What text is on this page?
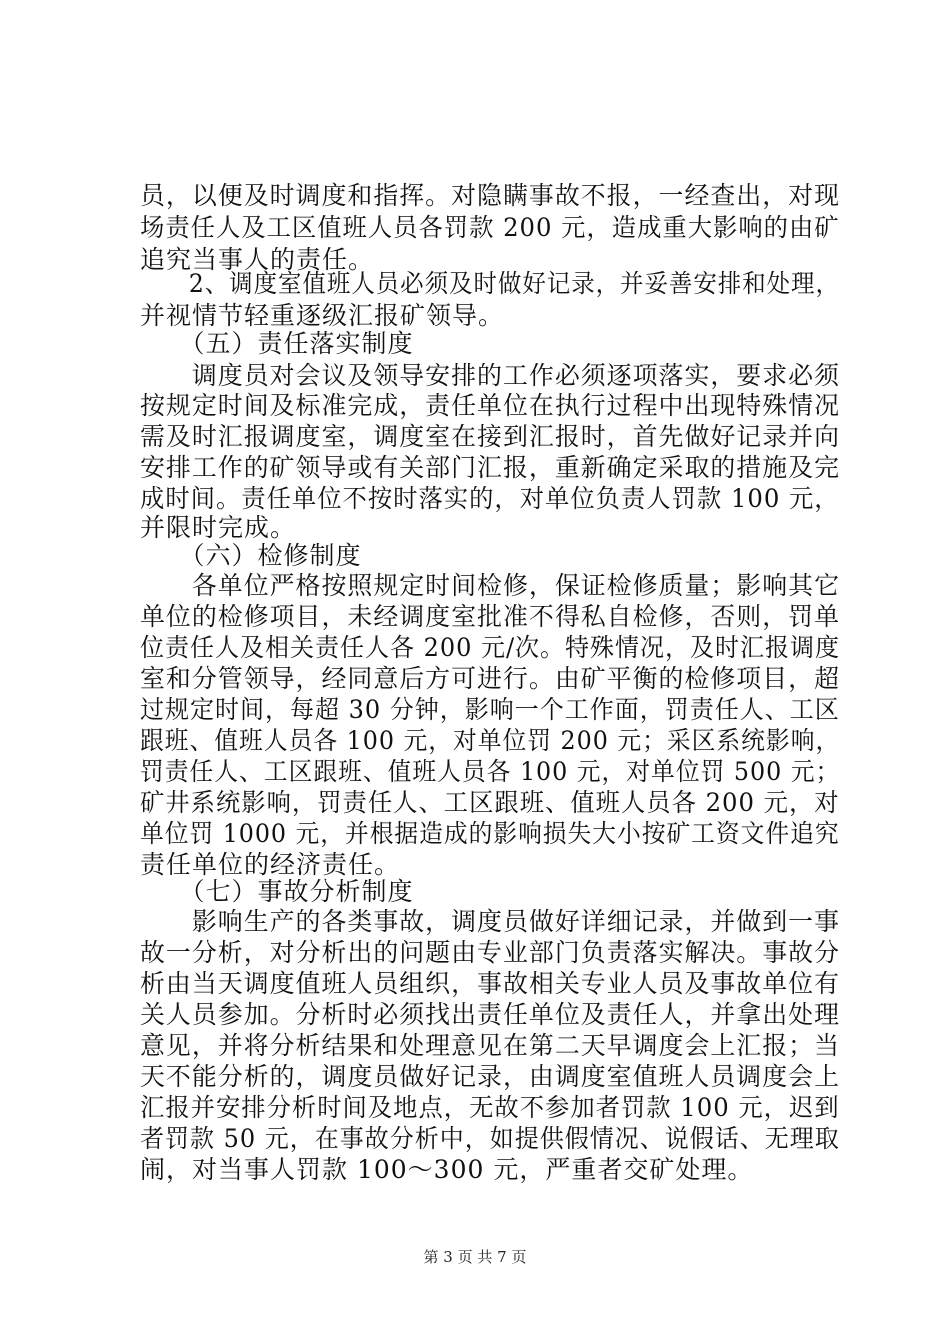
员，以便及时调度和指挥。对隐瞒事故不报，一经查出，对现
场责任人及工区值班人员各罚款 200 元，造成重大影响的由矿
追究当事人的责任。
　　2、调度室值班人员必须及时做好记录，并妥善安排和处理，
并视情节轻重逐级汇报矿领导。
　　（五）责任落实制度
　　调度员对会议及领导安排的工作必须逐项落实，要求必须
按规定时间及标准完成，责任单位在执行过程中出现特殊情况
需及时汇报调度室，调度室在接到汇报时，首先做好记录并向
安排工作的矿领导或有关部门汇报，重新确定采取的措施及完
成时间。责任单位不按时落实的，对单位负责人罚款 100 元，
并限时完成。
　　（六）检修制度
　　各单位严格按照规定时间检修，保证检修质量；影响其它
单位的检修项目，未经调度室批准不得私自检修，否则，罚单
位责任人及相关责任人各 200 元/次。特殊情况，及时汇报调度
室和分管领导，经同意后方可进行。由矿平衡的检修项目，超
过规定时间，每超 30 分钟，影响一个工作面，罚责任人、工区
跟班、值班人员各 100 元，对单位罚 200 元；采区系统影响，
罚责任人、工区跟班、值班人员各 100 元，对单位罚 500 元；
矿井系统影响，罚责任人、工区跟班、值班人员各 200 元，对
单位罚 1000 元，并根据造成的影响损失大小按矿工资文件追究
责任单位的经济责任。
　　（七）事故分析制度
　　影响生产的各类事故，调度员做好详细记录，并做到一事
故一分析，对分析出的问题由专业部门负责落实解决。事故分
析由当天调度值班人员组织，事故相关专业人员及事故单位有
关人员参加。分析时必须找出责任单位及责任人，并拿出处理
意见，并将分析结果和处理意见在第二天早调度会上汇报；当
天不能分析的，调度员做好记录，由调度室值班人员调度会上
汇报并安排分析时间及地点，无故不参加者罚款 100 元，迟到
者罚款 50 元，在事故分析中，如提供假情况、说假话、无理取
闹，对当事人罚款 100～300 元，严重者交矿处理。
第 3 页 共 7 页
